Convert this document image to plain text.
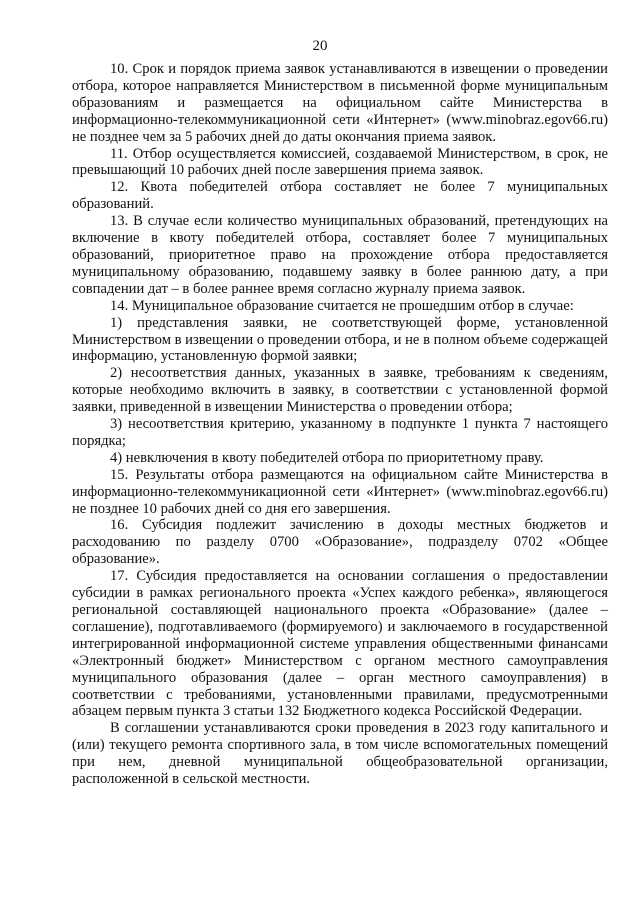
20

10. Срок и порядок приема заявок устанавливаются в извещении о проведении отбора, которое направляется Министерством в письменной форме муниципальным образованиям и размещается на официальном сайте Министерства в информационно-телекоммуникационной сети «Интернет» (www.minobraz.egov66.ru) не позднее чем за 5 рабочих дней до даты окончания приема заявок.

11. Отбор осуществляется комиссией, создаваемой Министерством, в срок, не превышающий 10 рабочих дней после завершения приема заявок.

12. Квота победителей отбора составляет не более 7 муниципальных образований.

13. В случае если количество муниципальных образований, претендующих на включение в квоту победителей отбора, составляет более 7 муниципальных образований, приоритетное право на прохождение отбора предоставляется муниципальному образованию, подавшему заявку в более раннюю дату, а при совпадении дат – в более раннее время согласно журналу приема заявок.

14. Муниципальное образование считается не прошедшим отбор в случае:

1) представления заявки, не соответствующей форме, установленной Министерством в извещении о проведении отбора, и не в полном объеме содержащей информацию, установленную формой заявки;

2) несоответствия данных, указанных в заявке, требованиям к сведениям, которые необходимо включить в заявку, в соответствии с установленной формой заявки, приведенной в извещении Министерства о проведении отбора;

3) несоответствия критерию, указанному в подпункте 1 пункта 7 настоящего порядка;

4) невключения в квоту победителей отбора по приоритетному праву.

15. Результаты отбора размещаются на официальном сайте Министерства в информационно-телекоммуникационной сети «Интернет» (www.minobraz.egov66.ru) не позднее 10 рабочих дней со дня его завершения.

16. Субсидия подлежит зачислению в доходы местных бюджетов и расходованию по разделу 0700 «Образование», подразделу 0702 «Общее образование».

17. Субсидия предоставляется на основании соглашения о предоставлении субсидии в рамках регионального проекта «Успех каждого ребенка», являющегося региональной составляющей национального проекта «Образование» (далее – соглашение), подготавливаемого (формируемого) и заключаемого в государственной интегрированной информационной системе управления общественными финансами «Электронный бюджет» Министерством с органом местного самоуправления муниципального образования (далее – орган местного самоуправления) в соответствии с требованиями, установленными правилами, предусмотренными абзацем первым пункта 3 статьи 132 Бюджетного кодекса Российской Федерации.

В соглашении устанавливаются сроки проведения в 2023 году капитального и (или) текущего ремонта спортивного зала, в том числе вспомогательных помещений при нем, дневной муниципальной общеобразовательной организации, расположенной в сельской местности.
